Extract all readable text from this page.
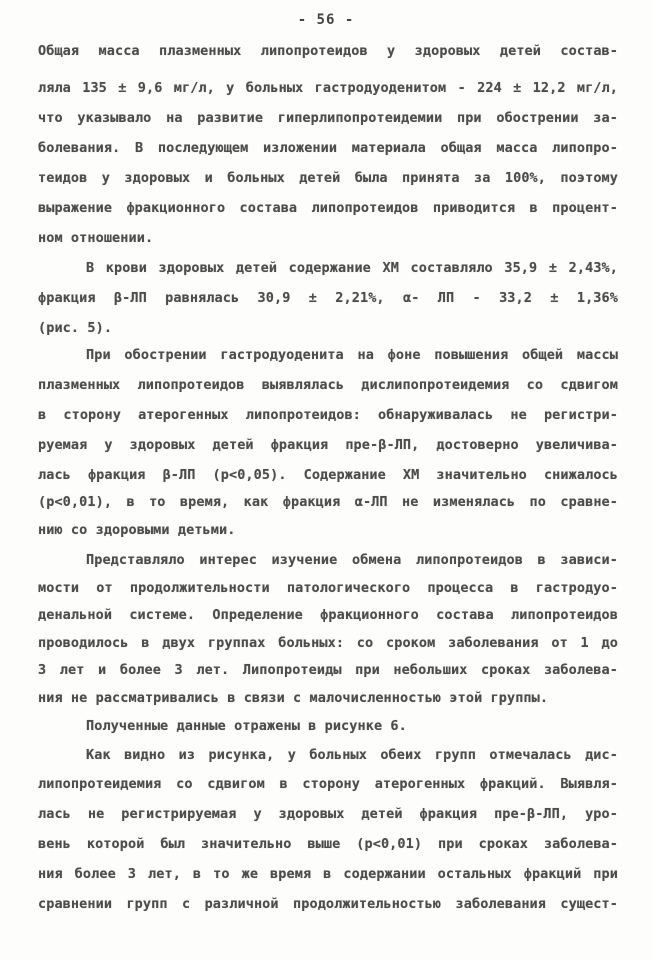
- 56 -
Общая масса плазменных липопротеидов у здоровых детей состав-
ляла 135 ± 9,6 мг/л, у больных гастродуоденитом - 224 ± 12,2 мг/л,
что указывало на развитие гиперлипопротеидемии при обострении за-
болевания. В последующем изложении материала общая масса липопро-
теидов у здоровых и больных детей была принята за 100%, поэтому
выражение фракционного состава липопротеидов приводится в процент-
ном отношении.
В крови здоровых детей содержание ХМ составляло 35,9 ± 2,43%,
фракция β-ЛП равнялась 30,9 ± 2,21%, α- ЛП - 33,2 ± 1,36%
(рис. 5).
При обострении гастродуоденита на фоне повышения общей массы
плазменных липопротеидов выявлялась дислипопротеидемия со сдвигом
в сторону атерогенных липопротеидов: обнаруживалась не регистри-
руемая у здоровых детей фракция пре-β-ЛП, достоверно увеличива-
лась фракция β-ЛП (р<0,05). Содержание ХМ значительно снижалось
(р<0,01), в то время, как фракция α-ЛП не изменялась по сравне-
нию со здоровыми детьми.
Представляло интерес изучение обмена липопротеидов в зависи-
мости от продолжительности патологического процесса в гастродуо-
денальной системе. Определение фракционного состава липопротеидов
проводилось в двух группах больных: со сроком заболевания от 1 до
3 лет и более 3 лет. Липопротеиды при небольших сроках заболева-
ния не рассматривались в связи с малочисленностью этой группы.
Полученные данные отражены в рисунке 6.
Как видно из рисунка, у больных обеих групп отмечалась дис-
липопротеидемия со сдвигом в сторону атерогенных фракций. Выявля-
лась не регистрируемая у здоровых детей фракция пре-β-ЛП, уро-
вень которой был значительно выше (р<0,01) при сроках заболева-
ния более 3 лет, в то же время в содержании остальных фракций при
сравнении групп с различной продолжительностью заболевания сущест-
